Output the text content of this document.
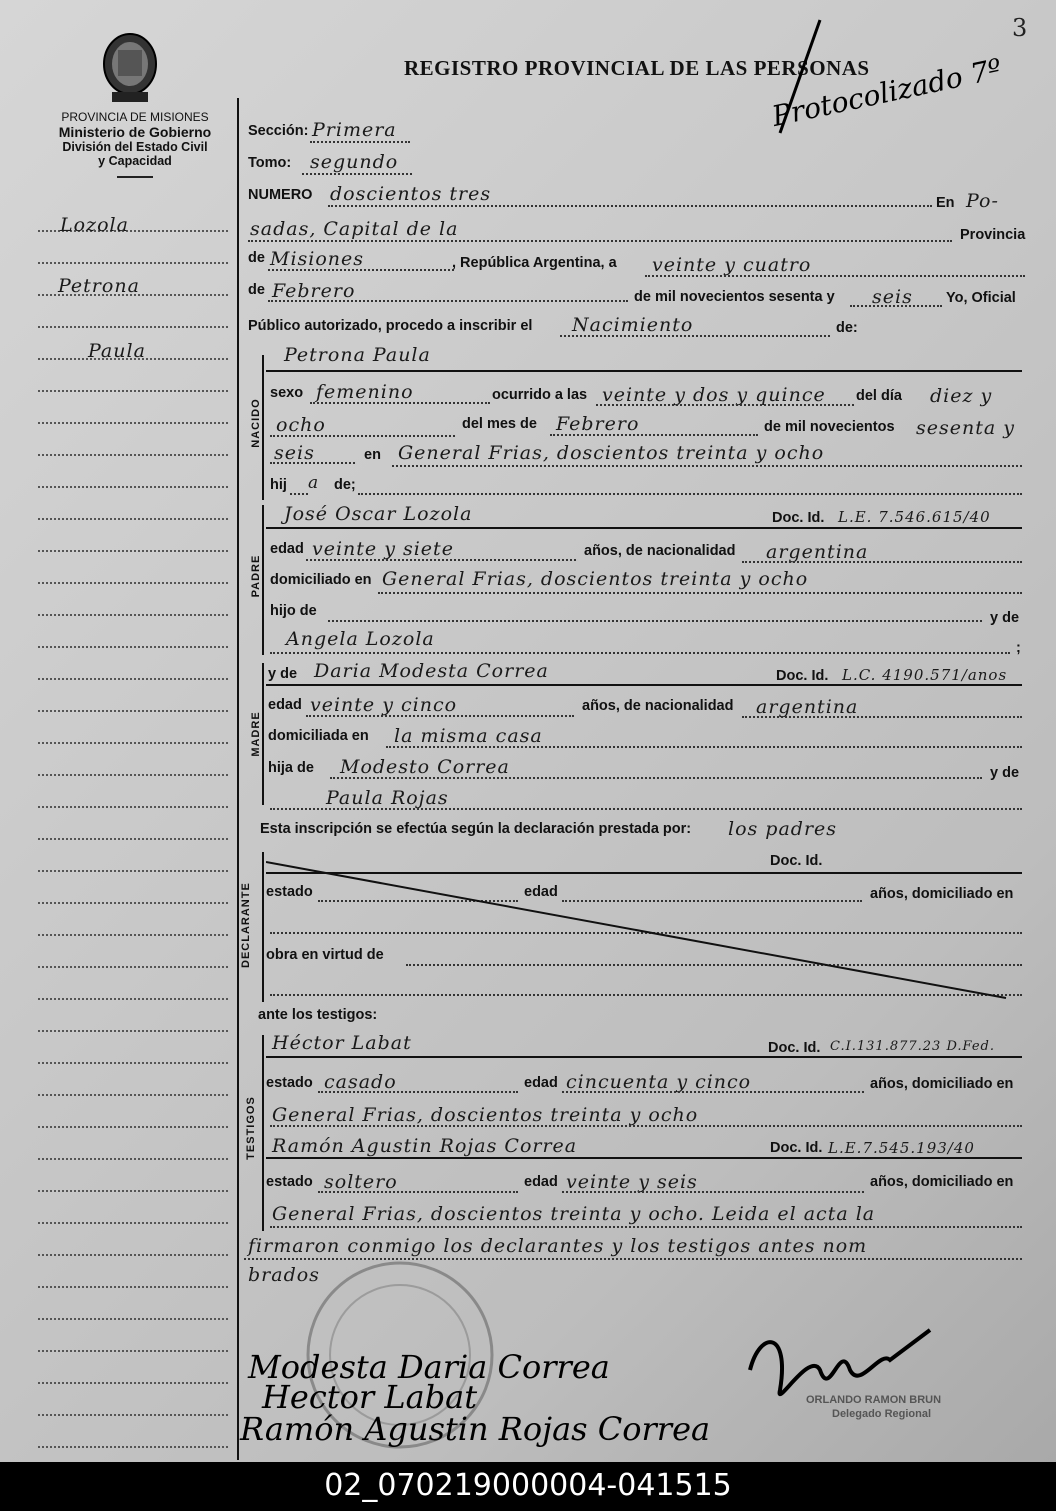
3
PROVINCIA DE MISIONES
Ministerio de Gobierno
División del Estado Civil
y Capacidad
Lozola
Petrona
Paula
REGISTRO PROVINCIAL DE LAS PERSONAS
Protocolizado 7º
Sección: Primera
Tomo: segundo
NUMERO doscientos tres	En Po-
sadas, Capital de la	Provincia
de Misiones	, República Argentina, a veinte y cuatro
de Febrero	de mil novecientos sesenta y seis Yo, Oficial
Público autorizado, procedo a inscribir el Nacimiento	de:
NACIDO
Petrona Paula
sexo femenino	ocurrido a las veinte y dos y quince del día diez y
ocho	del mes de Febrero	de mil novecientos sesenta y
seis	en General Frias, doscientos treinta y ocho
hij a de;
PADRE
José Oscar Lozola	Doc. Id. L.E. 7.546.615/40
edad veinte y siete	años, de nacionalidad argentina
domiciliado en General Frias, doscientos treinta y ocho
hijo de	y de
Angela Lozola	;
MADRE
y de Daria Modesta Correa	Doc. Id. L.C. 4190.571/anos
edad veinte y cinco	años, de nacionalidad argentina
domiciliada en la misma casa
hija de Modesto Correa	y de
Paula Rojas
Esta inscripción se efectúa según la declaración prestada por: los padres
DECLARANTE
Doc. Id.
estado	edad	años, domiciliado en
obra en virtud de
ante los testigos:
TESTIGOS
Héctor Labat	Doc. Id. C.I.131.877.23 D.Fed.
estado casado	edad cincuenta y cinco	años, domiciliado en
General Frias, doscientos treinta y ocho
Ramón Agustin Rojas Correa	Doc. Id. L.E.7.545.193/40
estado soltero	edad veinte y seis	años, domiciliado en
General Frias, doscientos treinta y ocho. Leida el acta la
firmaron conmigo los declarantes y los testigos antes nom
brados
Modesta Daria Correa
Hector Labat
Ramón Agustin Rojas Correa
ORLANDO RAMON BRUN
Delegado Regional
02_070219000004-041515
